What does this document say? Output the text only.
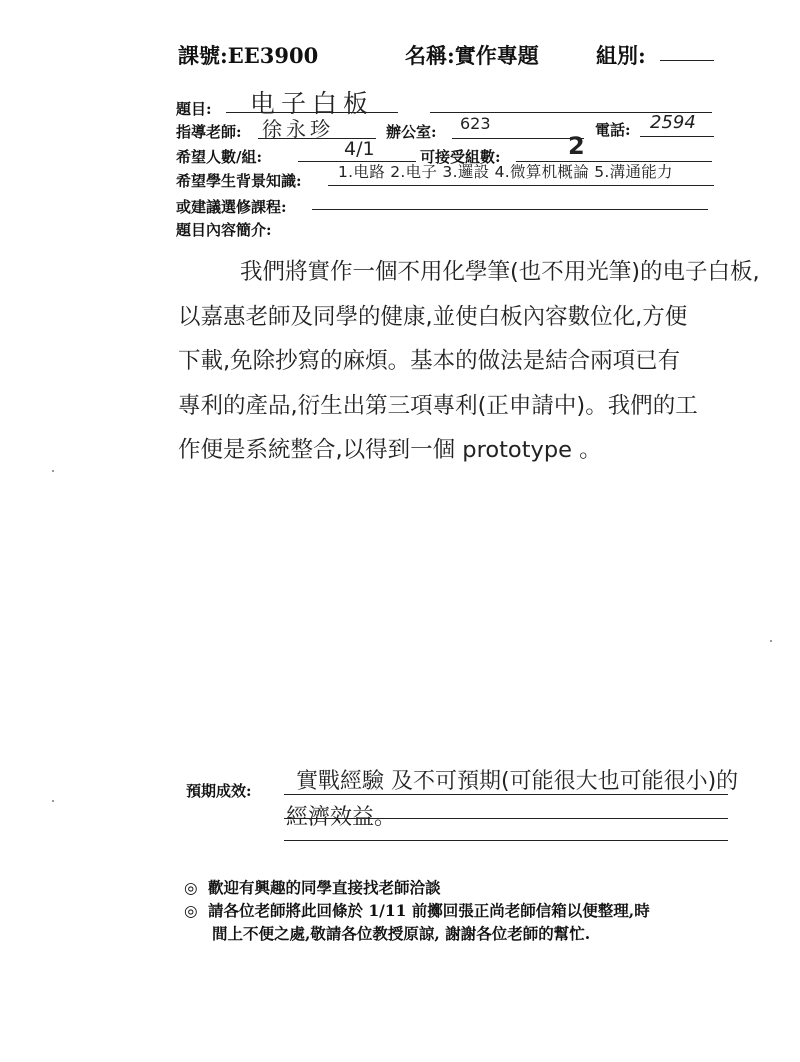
課號:EE3900	名稱:實作專題	組別:
題目: 电子白板
指導老師: 徐永珍	辦公室: 623	電話: 2594
希望人數/組:	4/1	可接受組數:	2
希望學生背景知識: 1.电路 2.电子 3.邏設 4.微算机概論 5.溝通能力
或建議選修課程:
題目內容簡介:
我們將實作一個不用化學筆(也不用光筆)的电子白板,
以嘉惠老師及同學的健康,並使白板內容數位化,方便
下載,免除抄寫的麻煩。基本的做法是結合兩項已有
專利的產品,衍生出第三項專利(正申請中)。我們的工
作便是系統整合,以得到一個 prototype 。
預期成效: 實戰經驗 及不可預期(可能很大也可能很小)的
經濟效益。
◎ 歡迎有興趣的同學直接找老師洽談
◎ 請各位老師將此回條於 1/11 前擲回張正尚老師信箱以便整理,時
間上不便之處,敬請各位教授原諒, 謝謝各位老師的幫忙.
